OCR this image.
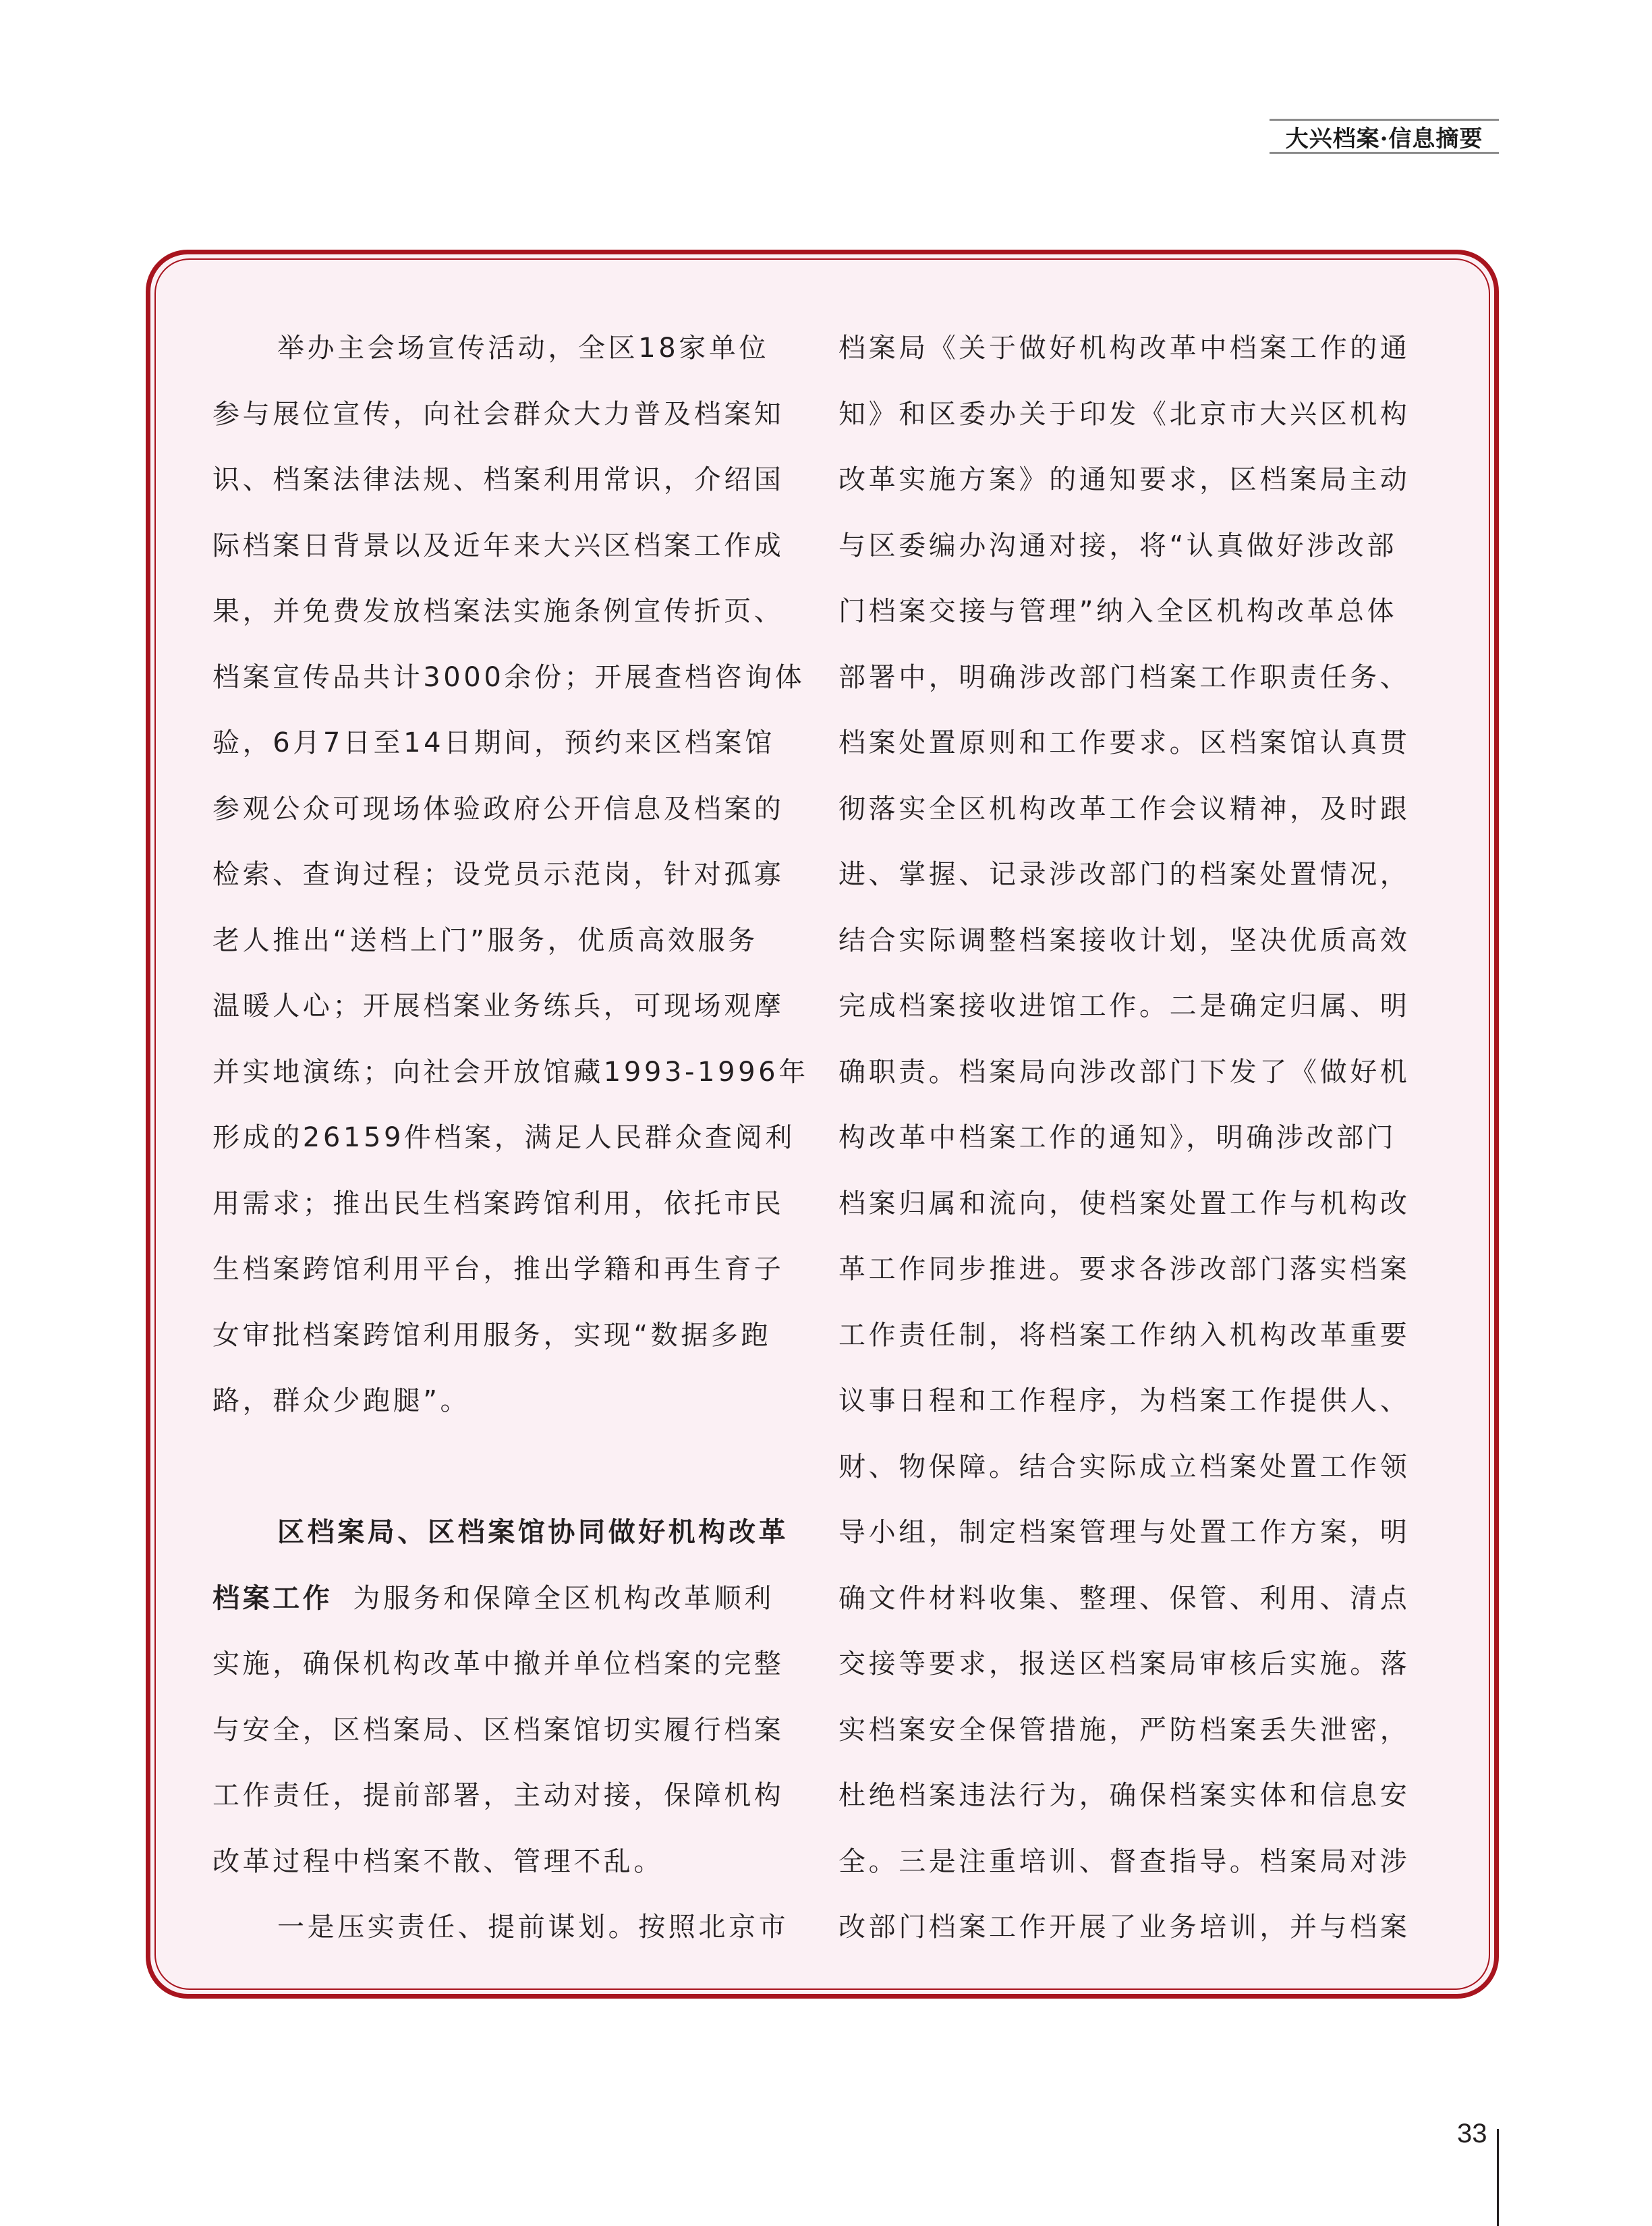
大兴档案·信息摘要
举办主会场宣传活动，全区18家单位
参与展位宣传，向社会群众大力普及档案知
识、档案法律法规、档案利用常识，介绍国
际档案日背景以及近年来大兴区档案工作成
果，并免费发放档案法实施条例宣传折页、
档案宣传品共计3000余份；开展查档咨询体
验，6月7日至14日期间，预约来区档案馆
参观公众可现场体验政府公开信息及档案的
检索、查询过程；设党员示范岗，针对孤寡
老人推出“送档上门”服务，优质高效服务
温暖人心；开展档案业务练兵，可现场观摩
并实地演练；向社会开放馆藏1993-1996年
形成的26159件档案，满足人民群众查阅利
用需求；推出民生档案跨馆利用，依托市民
生档案跨馆利用平台，推出学籍和再生育子
女审批档案跨馆利用服务，实现“数据多跑
路，群众少跑腿”。
区档案局、区档案馆协同做好机构改革
档案工作 为服务和保障全区机构改革顺利
实施，确保机构改革中撤并单位档案的完整
与安全，区档案局、区档案馆切实履行档案
工作责任，提前部署，主动对接，保障机构
改革过程中档案不散、管理不乱。
一是压实责任、提前谋划。按照北京市
档案局《关于做好机构改革中档案工作的通
知》和区委办关于印发《北京市大兴区机构
改革实施方案》的通知要求，区档案局主动
与区委编办沟通对接，将“认真做好涉改部
门档案交接与管理”纳入全区机构改革总体
部署中，明确涉改部门档案工作职责任务、
档案处置原则和工作要求。区档案馆认真贯
彻落实全区机构改革工作会议精神，及时跟
进、掌握、记录涉改部门的档案处置情况，
结合实际调整档案接收计划，坚决优质高效
完成档案接收进馆工作。二是确定归属、明
确职责。档案局向涉改部门下发了《做好机
构改革中档案工作的通知》，明确涉改部门
档案归属和流向，使档案处置工作与机构改
革工作同步推进。要求各涉改部门落实档案
工作责任制，将档案工作纳入机构改革重要
议事日程和工作程序，为档案工作提供人、
财、物保障。结合实际成立档案处置工作领
导小组，制定档案管理与处置工作方案，明
确文件材料收集、整理、保管、利用、清点
交接等要求，报送区档案局审核后实施。落
实档案安全保管措施，严防档案丢失泄密，
杜绝档案违法行为，确保档案实体和信息安
全。三是注重培训、督查指导。档案局对涉
改部门档案工作开展了业务培训，并与档案
33
